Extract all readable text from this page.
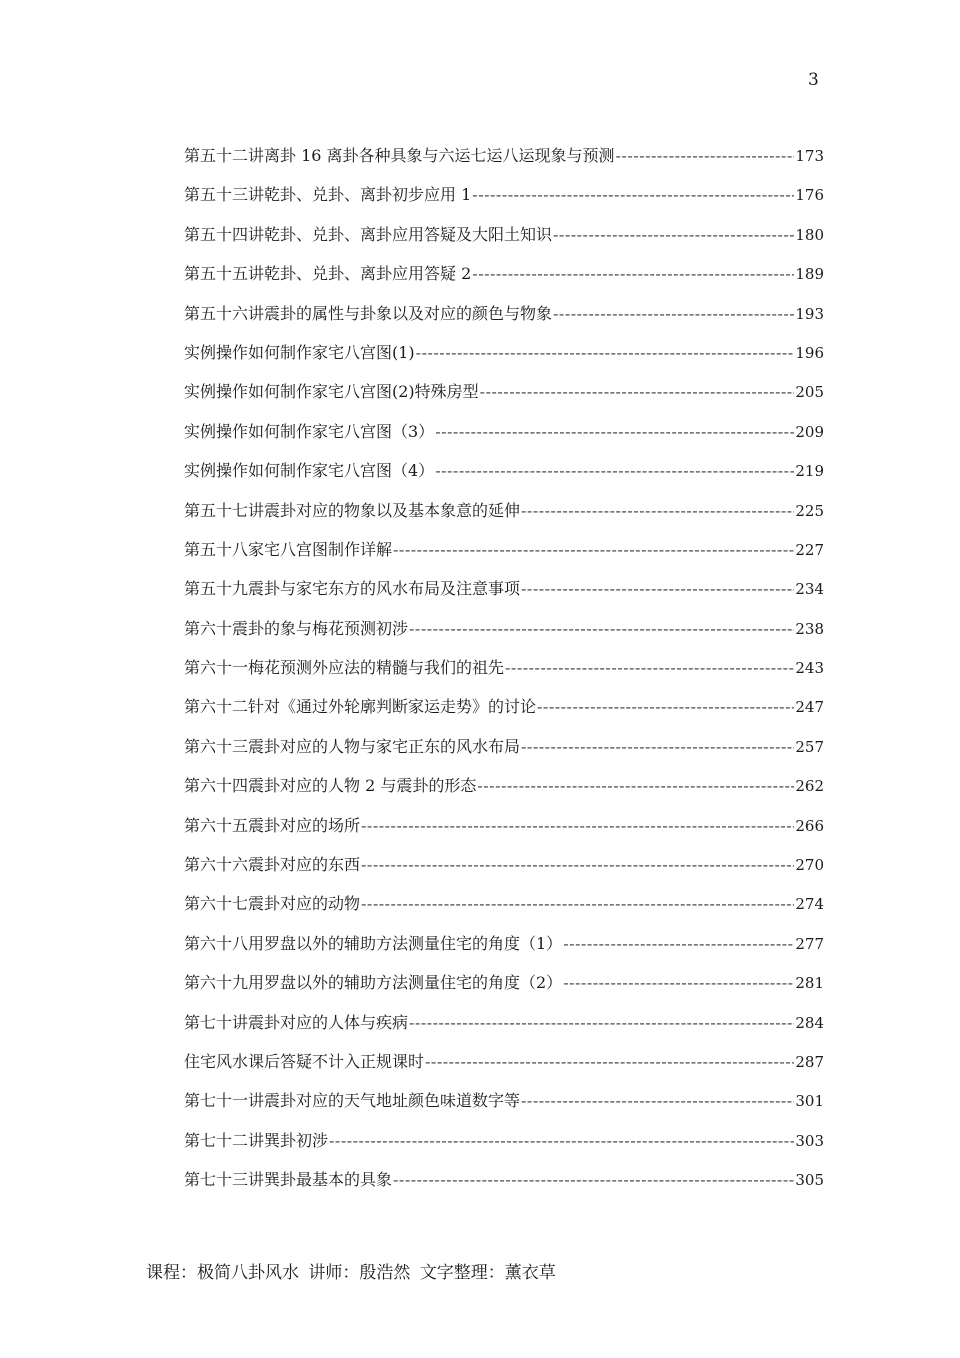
3
第五十二讲离卦 16 离卦各种具象与六运七运八运现象与预测 -----	173
第五十三讲乾卦、兑卦、离卦初步应用 1 -----	176
第五十四讲乾卦、兑卦、离卦应用答疑及大阳土知识 -----	180
第五十五讲乾卦、兑卦、离卦应用答疑 2 -----	189
第五十六讲震卦的属性与卦象以及对应的颜色与物象 -----	193
实例操作如何制作家宅八宫图(1) -----	196
实例操作如何制作家宅八宫图(2)特殊房型 -----	205
实例操作如何制作家宅八宫图（3） -----	209
实例操作如何制作家宅八宫图（4） -----	219
第五十七讲震卦对应的物象以及基本象意的延伸 -----	225
第五十八家宅八宫图制作详解 -----	227
第五十九震卦与家宅东方的风水布局及注意事项 -----	234
第六十震卦的象与梅花预测初涉 -----	238
第六十一梅花预测外应法的精髓与我们的祖先 -----	243
第六十二针对《通过外轮廓判断家运走势》的讨论 -----	247
第六十三震卦对应的人物与家宅正东的风水布局 -----	257
第六十四震卦对应的人物 2 与震卦的形态 -----	262
第六十五震卦对应的场所 -----	266
第六十六震卦对应的东西 -----	270
第六十七震卦对应的动物 -----	274
第六十八用罗盘以外的辅助方法测量住宅的角度（1） -----	277
第六十九用罗盘以外的辅助方法测量住宅的角度（2） -----	281
第七十讲震卦对应的人体与疾病 -----	284
住宅风水课后答疑不计入正规课时 -----	287
第七十一讲震卦对应的天气地址颜色味道数字等 -----	301
第七十二讲巽卦初涉 -----	303
第七十三讲巽卦最基本的具象 -----	305
课程：极简八卦风水 讲师：殷浩然 文字整理：薰衣草
